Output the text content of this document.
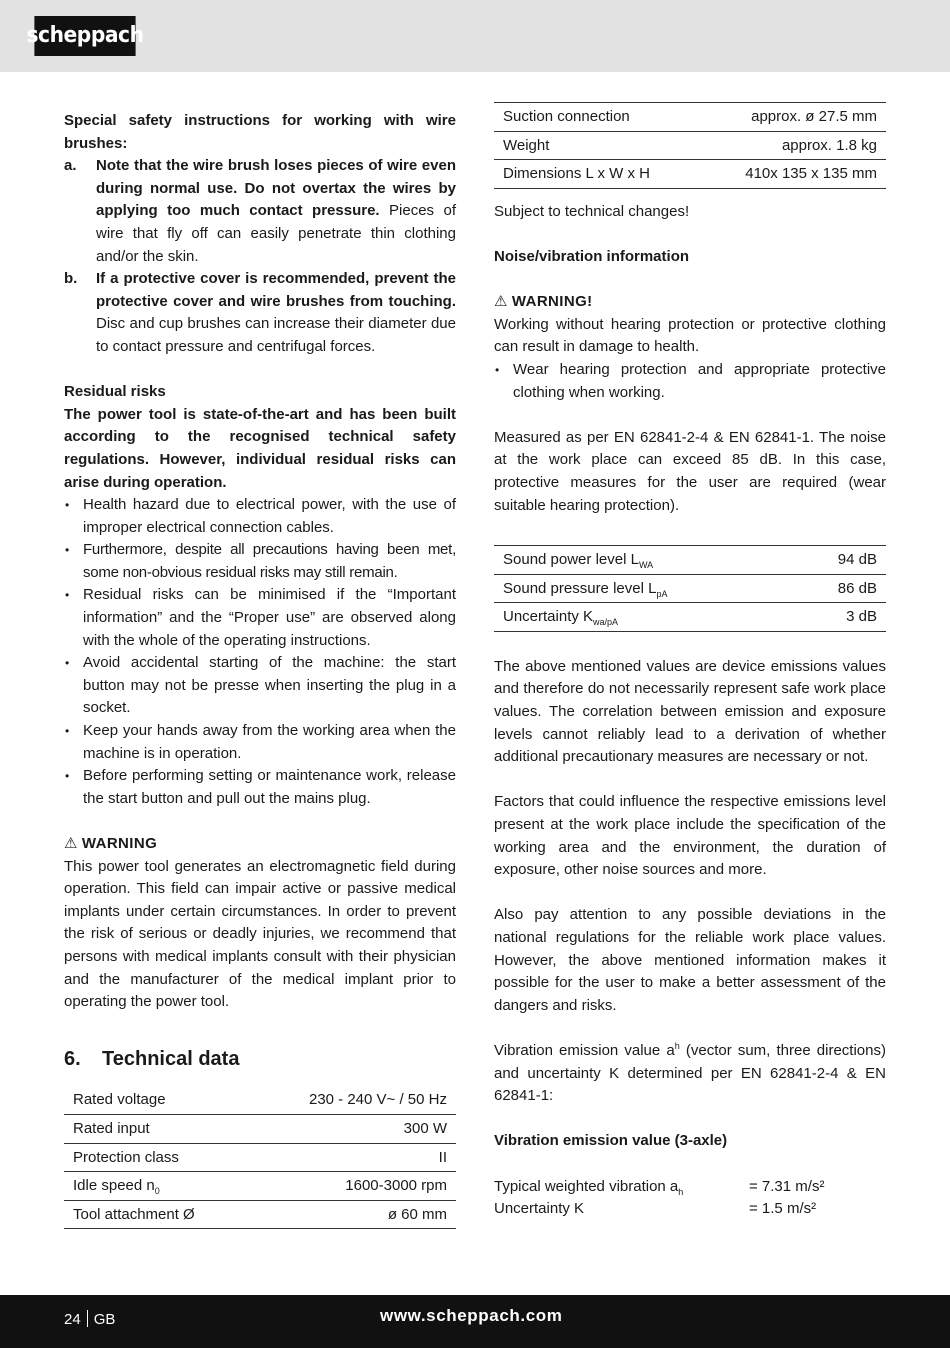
scheppach

Special safety instructions for working with wire brushes:

a. Note that the wire brush loses pieces of wire even during normal use. Do not overtax the wires by applying too much contact pressure. Pieces of wire that fly off can easily penetrate thin clothing and/or the skin.
b. If a protective cover is recommended, prevent the protective cover and wire brushes from touching. Disc and cup brushes can increase their diameter due to contact pressure and centrifugal forces.

Residual risks

The power tool is state-of-the-art and has been built according to the recognised technical safety regulations. However, individual residual risks can arise during operation.

• Health hazard due to electrical power, with the use of improper electrical connection cables.
• Furthermore, despite all precautions having been met, some non-obvious residual risks may still remain.
• Residual risks can be minimised if the “Important information” and the “Proper use” are observed along with the whole of the operating instructions.
• Avoid accidental starting of the machine: the start button may not be presse when inserting the plug in a socket.
• Keep your hands away from the working area when the machine is in operation.
• Before performing setting or maintenance work, release the start button and pull out the mains plug.

⚠ WARNING

This power tool generates an electromagnetic field during operation. This field can impair active or passive medical implants under certain circumstances. In order to prevent the risk of serious or deadly injuries, we recommend that persons with medical implants consult with their physician and the manufacturer of the medical implant prior to operating the power tool.

6. Technical data
Rated voltage	230 - 240 V~ / 50 Hz
Rated input	300 W
Protection class	II
Idle speed $n_0$	1600-3000 rpm
Tool attachment Ø	ø 60 mm
Suction connection	approx. ø 27.5 mm
Weight	approx. 1.8 kg
Dimensions L x W x H	410x 135 x 135 mm

Subject to technical changes!

Noise/vibration information

⚠ WARNING!

Working without hearing protection or protective clothing can result in damage to health.

• Wear hearing protection and appropriate protective clothing when working.

Measured as per EN 62841-2-4 & EN 62841-1. The noise at the work place can exceed 85 dB. In this case, protective measures for the user are required (wear suitable hearing protection).

Sound power level $L_{WA}$	94 dB
Sound pressure level $L_{pA}$	86 dB
Uncertainty $K_{wa/pA}$	3 dB

The above mentioned values are device emissions values and therefore do not necessarily represent safe work place values. The correlation between emission and exposure levels cannot reliably lead to a derivation of whether additional precautionary measures are necessary or not.

Factors that could influence the respective emissions level present at the work place include the specification of the working area and the environment, the duration of exposure, other noise sources and more.

Also pay attention to any possible deviations in the national regulations for the reliable work place values. However, the above mentioned information makes it possible for the user to make a better assessment of the dangers and risks.

Vibration emission value $a^h$ (vector sum, three directions) and uncertainty K determined per EN 62841-2-4 & EN 62841-1:

Vibration emission value (3-axle)

Typical weighted vibration $a_h$	= 7.31 m/s²
Uncertainty K	= 1.5 m/s²
24 GB	www.scheppach.com
